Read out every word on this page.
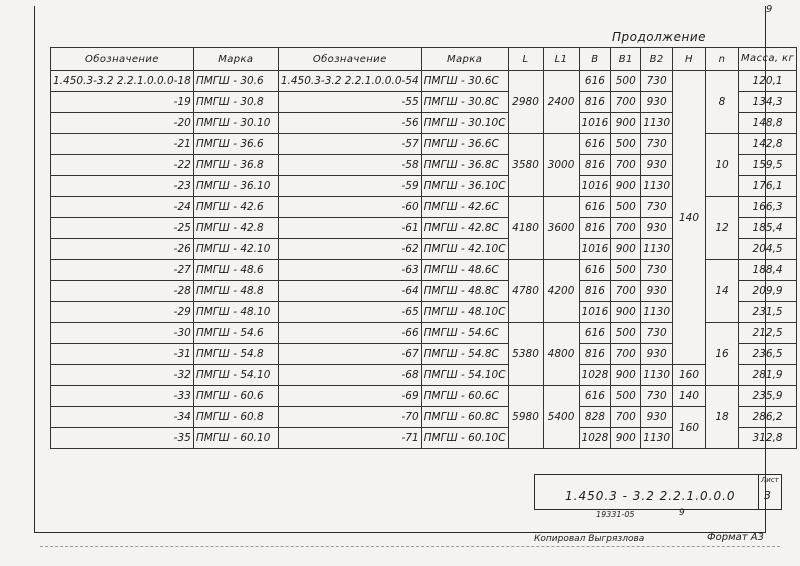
9
Продолжение
Обозначение	Марка	Обозначение	Марка	L	L1	B	B1	B2	H	n	Масса, кг
1.450.3-3.2 2.2.1.0.0.0-18	ПМГШ - 30.6	1.450.3-3.2 2.2.1.0.0.0-54	ПМГШ - 30.6С	2980	2400	616	500	730	140	8	120,1
-19	ПМГШ - 30.8	-55	ПМГШ - 30.8С			816	700	930			134,3
-20	ПМГШ - 30.10	-56	ПМГШ - 30.10С			1016	900	1130			148,8
-21	ПМГШ - 36.6	-57	ПМГШ - 36.6С	3580	3000	616	500	730		10	142,8
-22	ПМГШ - 36.8	-58	ПМГШ - 36.8С			816	700	930			159,5
-23	ПМГШ - 36.10	-59	ПМГШ - 36.10С			1016	900	1130			176,1
-24	ПМГШ - 42.6	-60	ПМГШ - 42.6С	4180	3600	616	500	730		12	166,3
-25	ПМГШ - 42.8	-61	ПМГШ - 42.8С			816	700	930			185,4
-26	ПМГШ - 42.10	-62	ПМГШ - 42.10С			1016	900	1130			204,5
-27	ПМГШ - 48.6	-63	ПМГШ - 48.6С	4780	4200	616	500	730		14	188,4
-28	ПМГШ - 48.8	-64	ПМГШ - 48.8С			816	700	930			209,9
-29	ПМГШ - 48.10	-65	ПМГШ - 48.10С			1016	900	1130			231,5
-30	ПМГШ - 54.6	-66	ПМГШ - 54.6С	5380	4800	616	500	730		16	212,5
-31	ПМГШ - 54.8	-67	ПМГШ - 54.8С			816	700	930			236,5
-32	ПМГШ - 54.10	-68	ПМГШ - 54.10С			1028	900	1130	160		281,9
-33	ПМГШ - 60.6	-69	ПМГШ - 60.6С	5980	5400	616	500	730	140	18	235,9
-34	ПМГШ - 60.8	-70	ПМГШ - 60.8С			828	700	930	160		286,2
-35	ПМГШ - 60.10	-71	ПМГШ - 60.10С			1028	900	1130			312,8
1.450.3 - 3.2 2.2.1.0.0.0
Лист
3
19331-05	9
Копировал Выгрязлова	Формат А3
